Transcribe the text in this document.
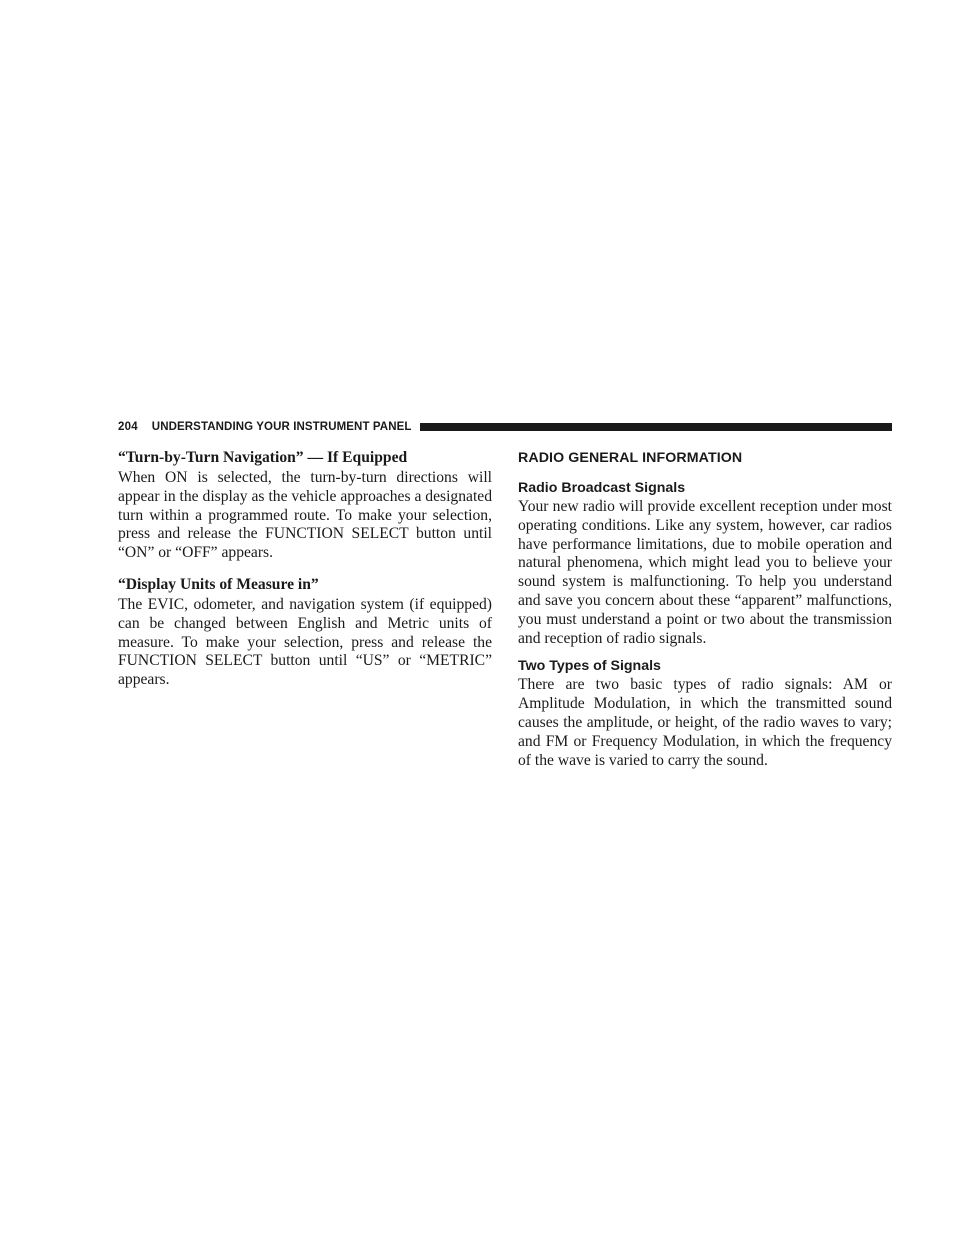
204 UNDERSTANDING YOUR INSTRUMENT PANEL
“Turn-by-Turn Navigation” — If Equipped

When ON is selected, the turn-by-turn directions will appear in the display as the vehicle approaches a designated turn within a programmed route. To make your selection, press and release the FUNCTION SELECT button until “ON” or “OFF” appears.

“Display Units of Measure in”

The EVIC, odometer, and navigation system (if equipped) can be changed between English and Metric units of measure. To make your selection, press and release the FUNCTION SELECT button until “US” or “METRIC” appears.

RADIO GENERAL INFORMATION
Radio Broadcast Signals

Your new radio will provide excellent reception under most operating conditions. Like any system, however, car radios have performance limitations, due to mobile operation and natural phenomena, which might lead you to believe your sound system is malfunctioning. To help you understand and save you concern about these “apparent” malfunctions, you must understand a point or two about the transmission and reception of radio signals.

Two Types of Signals

There are two basic types of radio signals: AM or Amplitude Modulation, in which the transmitted sound causes the amplitude, or height, of the radio waves to vary; and FM or Frequency Modulation, in which the frequency of the wave is varied to carry the sound.
